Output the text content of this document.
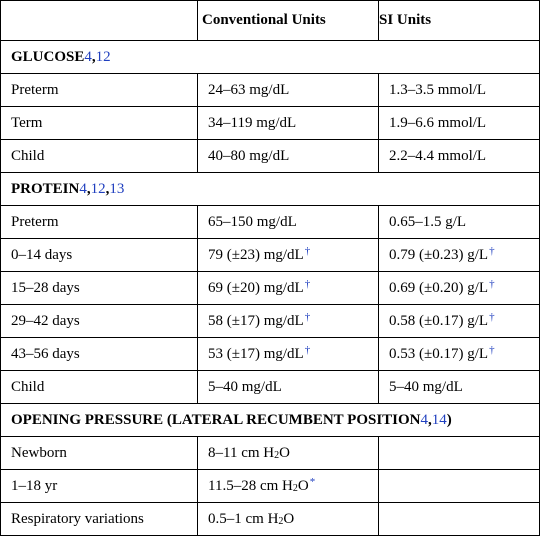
	Conventional Units	SI Units
GLUCOSE4,12		
Preterm	24–63 mg/dL	1.3–3.5 mmol/L
Term	34–119 mg/dL	1.9–6.6 mmol/L
Child	40–80 mg/dL	2.2–4.4 mmol/L
PROTEIN4,12,13		
Preterm	65–150 mg/dL	0.65–1.5 g/L
0–14 days	79 (±23) mg/dL†	0.79 (±0.23) g/L†
15–28 days	69 (±20) mg/dL†	0.69 (±0.20) g/L†
29–42 days	58 (±17) mg/dL†	0.58 (±0.17) g/L†
43–56 days	53 (±17) mg/dL†	0.53 (±0.17) g/L†
Child	5–40 mg/dL	5–40 mg/dL
OPENING PRESSURE (LATERAL RECUMBENT POSITION4,14)		
Newborn	8–11 cm $H_2O$	
1–18 yr	11.5–28 cm $H_2O^*$	
Respiratory variations	0.5–1 cm $H_2O$	
